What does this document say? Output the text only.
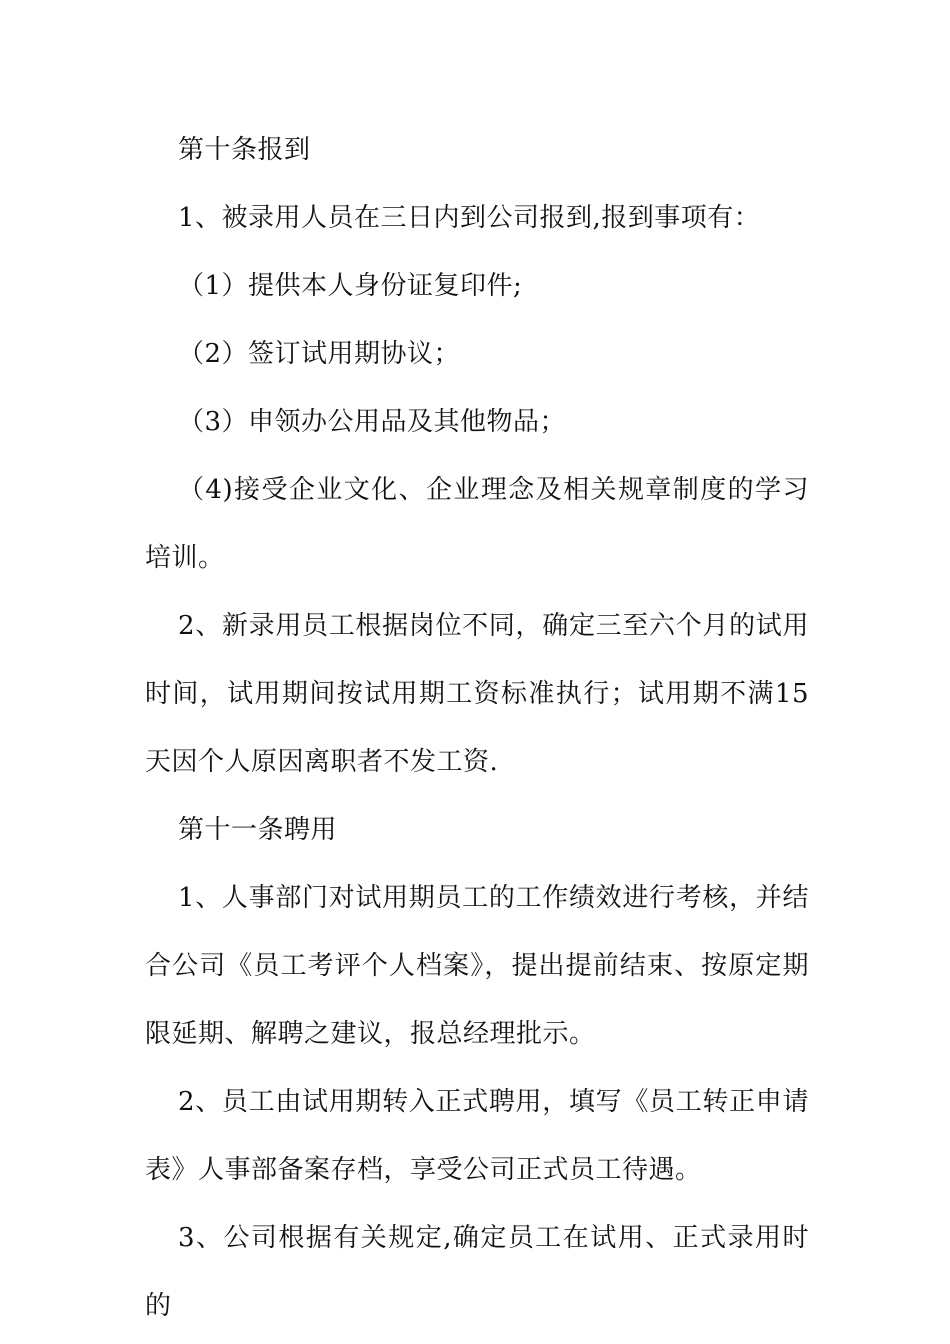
第十条报到

1、被录用人员在三日内到公司报到,报到事项有：

（1）提供本人身份证复印件;

（2）签订试用期协议；

（3）申领办公用品及其他物品；

（4)接受企业文化、企业理念及相关规章制度的学习培训。

2、新录用员工根据岗位不同，确定三至六个月的试用时间，试用期间按试用期工资标准执行；试用期不满15天因个人原因离职者不发工资.

第十一条聘用

1、人事部门对试用期员工的工作绩效进行考核，并结合公司《员工考评个人档案》，提出提前结束、按原定期限延期、解聘之建议，报总经理批示。

2、员工由试用期转入正式聘用，填写《员工转正申请表》人事部备案存档，享受公司正式员工待遇。

3、公司根据有关规定,确定员工在试用、正式录用时的
